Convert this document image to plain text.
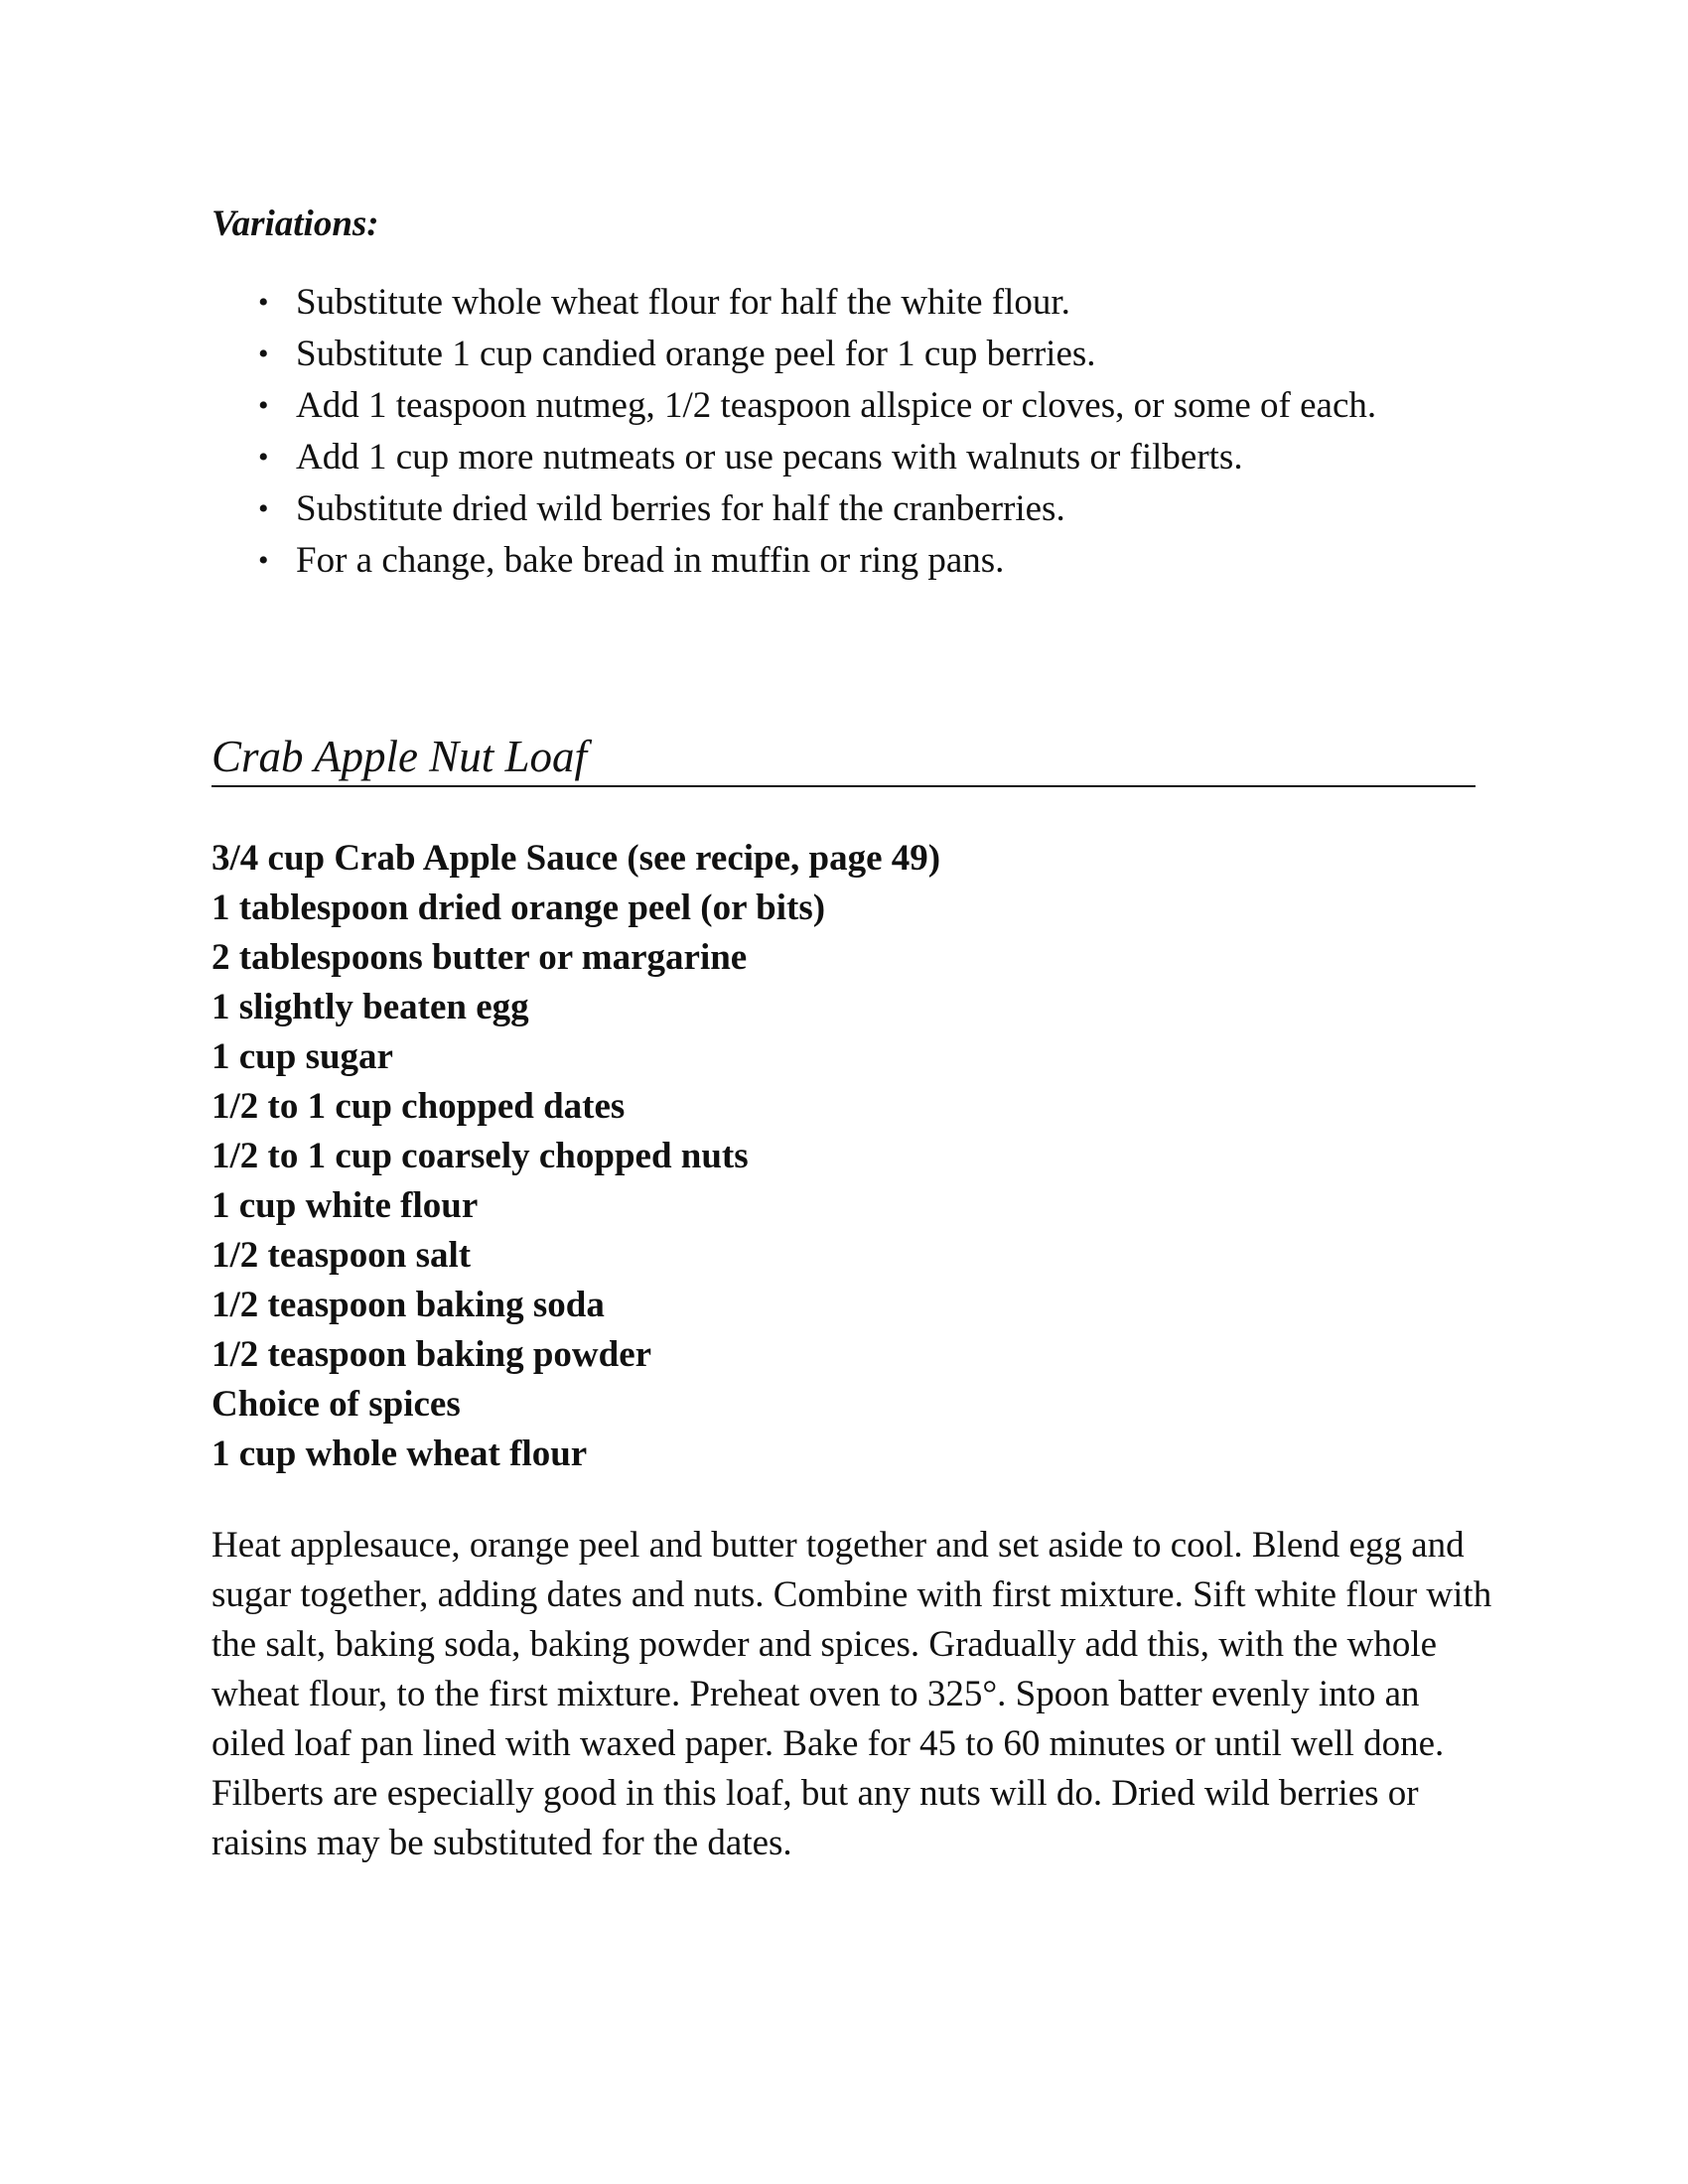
Variations:
• Substitute whole wheat flour for half the white flour.
• Substitute 1 cup candied orange peel for 1 cup berries.
• Add 1 teaspoon nutmeg, 1/2 teaspoon allspice or cloves, or some of each.
• Add 1 cup more nutmeats or use pecans with walnuts or filberts.
• Substitute dried wild berries for half the cranberries.
• For a change, bake bread in muffin or ring pans.
Crab Apple Nut Loaf
3/4 cup Crab Apple Sauce (see recipe, page 49)
1 tablespoon dried orange peel (or bits)
2 tablespoons butter or margarine
1 slightly beaten egg
1 cup sugar
1/2 to 1 cup chopped dates
1/2 to 1 cup coarsely chopped nuts
1 cup white flour
1/2 teaspoon salt
1/2 teaspoon baking soda
1/2 teaspoon baking powder
Choice of spices
1 cup whole wheat flour

Heat applesauce, orange peel and butter together and set aside to cool. Blend egg and sugar together, adding dates and nuts. Combine with first mixture. Sift white flour with the salt, baking soda, baking powder and spices. Gradually add this, with the whole wheat flour, to the first mixture. Preheat oven to 325°. Spoon batter evenly into an oiled loaf pan lined with waxed paper. Bake for 45 to 60 minutes or until well done. Filberts are especially good in this loaf, but any nuts will do. Dried wild berries or raisins may be substituted for the dates.
